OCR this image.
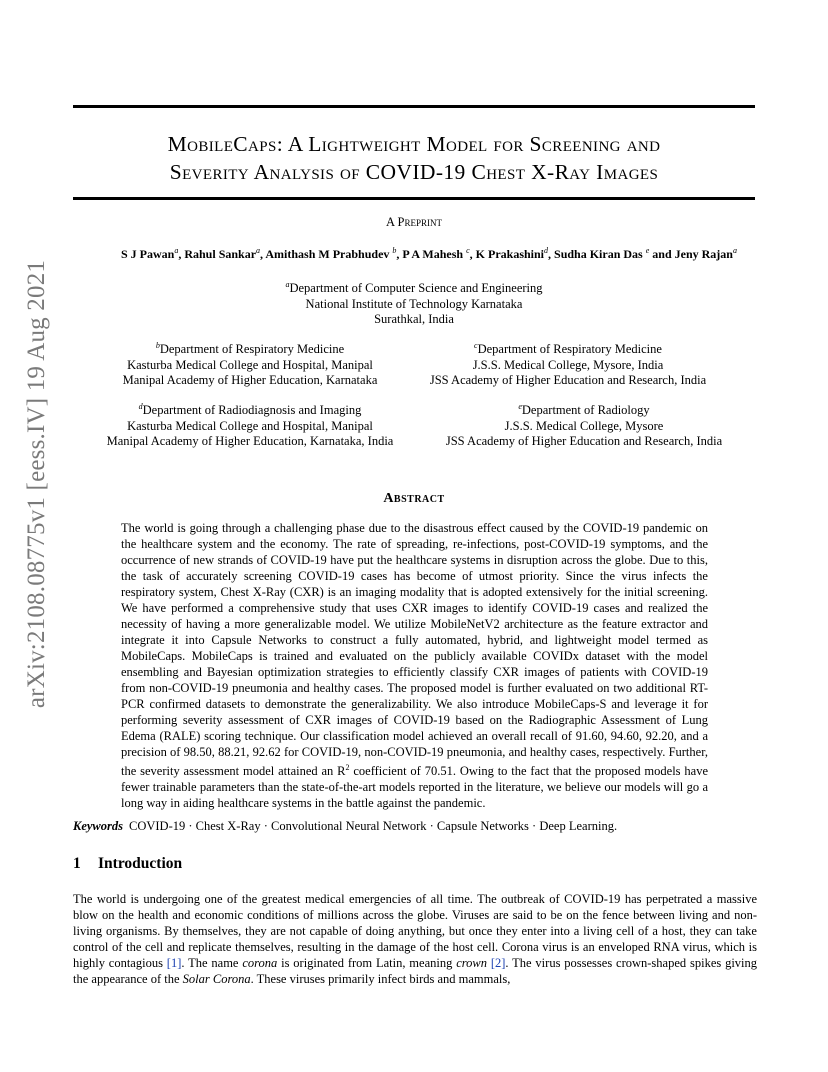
arXiv:2108.08775v1 [eess.IV] 19 Aug 2021
MobileCaps: A Lightweight Model for Screening and
Severity Analysis of COVID-19 Chest X-Ray Images
A Preprint
S J Pawan$^a$, Rahul Sankar$^a$, Amithash M Prabhudev $^b$, P A Mahesh $^c$, K Prakashini$^d$, Sudha Kiran Das $^e$ and Jeny Rajan$^a$
$^a$Department of Computer Science and Engineering
National Institute of Technology Karnataka
Surathkal, India
$^b$Department of Respiratory Medicine
Kasturba Medical College and Hospital, Manipal
Manipal Academy of Higher Education, Karnataka
$^c$Department of Respiratory Medicine
J.S.S. Medical College, Mysore, India
JSS Academy of Higher Education and Research, India
$^d$Department of Radiodiagnosis and Imaging
Kasturba Medical College and Hospital, Manipal
Manipal Academy of Higher Education, Karnataka, India
$^e$Department of Radiology
J.S.S. Medical College, Mysore
JSS Academy of Higher Education and Research, India
Abstract
The world is going through a challenging phase due to the disastrous effect caused by the COVID-19 pandemic on the healthcare system and the economy. The rate of spreading, re-infections, post-COVID-19 symptoms, and the occurrence of new strands of COVID-19 have put the healthcare systems in disruption across the globe. Due to this, the task of accurately screening COVID-19 cases has become of utmost priority. Since the virus infects the respiratory system, Chest X-Ray (CXR) is an imaging modality that is adopted extensively for the initial screening. We have performed a comprehensive study that uses CXR images to identify COVID-19 cases and realized the necessity of having a more generalizable model. We utilize MobileNetV2 architecture as the feature extractor and integrate it into Capsule Networks to construct a fully automated, hybrid, and lightweight model termed as MobileCaps. MobileCaps is trained and evaluated on the publicly available COVIDx dataset with the model ensembling and Bayesian optimization strategies to efficiently classify CXR images of patients with COVID-19 from non-COVID-19 pneumonia and healthy cases. The proposed model is further evaluated on two additional RT-PCR confirmed datasets to demonstrate the generalizability. We also introduce MobileCaps-S and leverage it for performing severity assessment of CXR images of COVID-19 based on the Radiographic Assessment of Lung Edema (RALE) scoring technique. Our classification model achieved an overall recall of 91.60, 94.60, 92.20, and a precision of 98.50, 88.21, 92.62 for COVID-19, non-COVID-19 pneumonia, and healthy cases, respectively. Further, the severity assessment model attained an $R^2$ coefficient of 70.51. Owing to the fact that the proposed models have fewer trainable parameters than the state-of-the-art models reported in the literature, we believe our models will go a long way in aiding healthcare systems in the battle against the pandemic.
Keywords COVID-19 · Chest X-Ray · Convolutional Neural Network · Capsule Networks · Deep Learning.
1 Introduction
The world is undergoing one of the greatest medical emergencies of all time. The outbreak of COVID-19 has perpetrated a massive blow on the health and economic conditions of millions across the globe. Viruses are said to be on the fence between living and non-living organisms. By themselves, they are not capable of doing anything, but once they enter into a living cell of a host, they can take control of the cell and replicate themselves, resulting in the damage of the host cell. Corona virus is an enveloped RNA virus, which is highly contagious [ 1 ] . The name corona is originated from Latin, meaning crown [ 2 ] . The virus possesses crown-shaped spikes giving the appearance of the Solar Corona. These viruses primarily infect birds and mammals,
